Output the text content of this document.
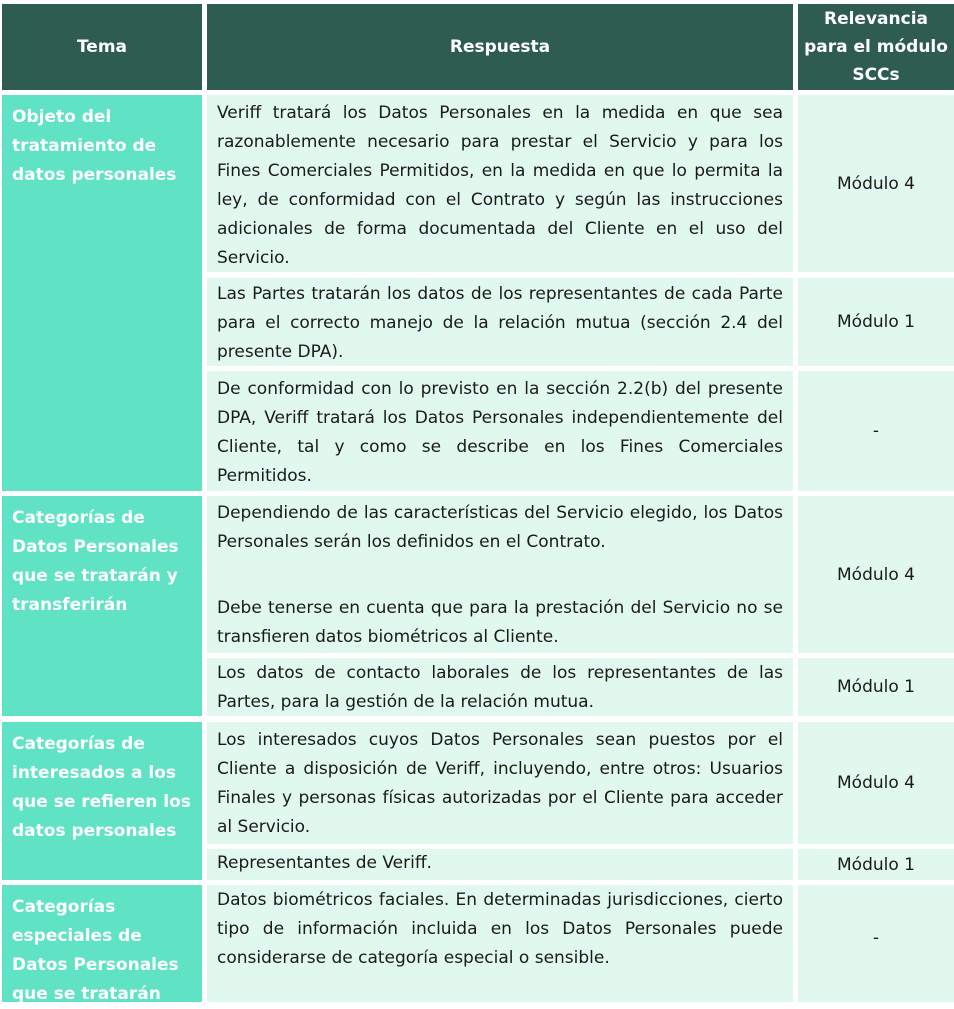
Tema	Respuesta
Relevancia para el módulo SCCs
Objeto del tratamiento de datos personales
Categorías de Datos Personales que se tratarán y transferirán
Categorías de interesados a los que se refieren los datos personales
Categorías especiales de Datos Personales que se tratarán
Veriff tratará los Datos Personales en la medida en que sea razonablemente necesario para prestar el Servicio y para los Fines Comerciales Permitidos, en la medida en que lo permita la ley, de conformidad con el Contrato y según las instrucciones adicionales de forma documentada del Cliente en el uso del Servicio.
Las Partes tratarán los datos de los representantes de cada Parte para el correcto manejo de la relación mutua (sección 2.4 del presente DPA).
De conformidad con lo previsto en la sección 2.2(b) del presente DPA, Veriff tratará los Datos Personales independientemente del Cliente, tal y como se describe en los Fines Comerciales Permitidos.
Dependiendo de las características del Servicio elegido, los Datos Personales serán los definidos en el Contrato.
Debe tenerse en cuenta que para la prestación del Servicio no se transfieren datos biométricos al Cliente.
Los datos de contacto laborales de los representantes de las Partes, para la gestión de la relación mutua.
Los interesados cuyos Datos Personales sean puestos por el Cliente a disposición de Veriff, incluyendo, entre otros: Usuarios Finales y personas físicas autorizadas por el Cliente para acceder al Servicio.
Representantes de Veriff.
Datos biométricos faciales. En determinadas jurisdicciones, cierto tipo de información incluida en los Datos Personales puede considerarse de categoría especial o sensible.
Módulo 4
Módulo 1
-
Módulo 4
Módulo 1
Módulo 4
Módulo 1
-
